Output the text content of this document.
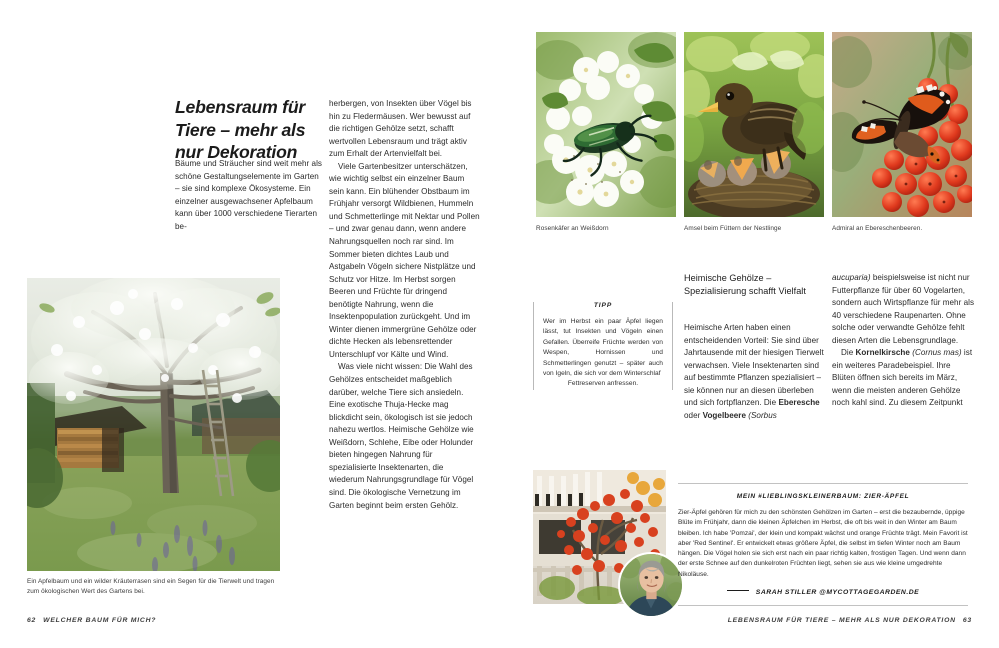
Lebensraum für Tiere – mehr als nur Dekoration

Bäume und Sträucher sind weit mehr als schöne Gestaltungselemente im Garten – sie sind komplexe Ökosysteme. Ein einzelner ausgewachsener Apfelbaum kann über 1000 verschiedene Tierarten be-

herbergen, von Insekten über Vögel bis hin zu Fledermäusen. Wer bewusst auf die richtigen Gehölze setzt, schafft wertvollen Lebensraum und trägt aktiv zum Erhalt der Artenvielfalt bei.

Viele Gartenbesitzer unterschätzen, wie wichtig selbst ein einzelner Baum sein kann. Ein blühender Obstbaum im Frühjahr versorgt Wildbienen, Hummeln und Schmetterlinge mit Nektar und Pollen – und zwar genau dann, wenn andere Nahrungsquellen noch rar sind. Im Sommer bieten dichtes Laub und Astgabeln Vögeln sichere Nistplätze und Schutz vor Hitze. Im Herbst sorgen Beeren und Früchte für dringend benötigte Nahrung, wenn die Insektenpopulation zurückgeht. Und im Winter dienen immergrüne Gehölze oder dichte Hecken als lebensrettender Unterschlupf vor Kälte und Wind.

Was viele nicht wissen: Die Wahl des Gehölzes entscheidet maßgeblich darüber, welche Tiere sich ansiedeln. Eine exotische Thuja-Hecke mag blickdicht sein, ökologisch ist sie jedoch nahezu wertlos. Heimische Gehölze wie Weißdorn, Schlehe, Eibe oder Holunder bieten hingegen Nahrung für spezialisierte Insektenarten, die wiederum Nahrungsgrundlage für Vögel sind. Die ökologische Vernetzung im Garten beginnt beim ersten Gehölz.

Ein Apfelbaum und ein wilder Kräuterrasen sind ein Segen für die Tierwelt und tragen zum ökologischen Wert des Gartens bei.
62 WELCHER BAUM FÜR MICH?
Rosenkäfer an Weißdorn	Amsel beim Füttern der Nestlinge	Admiral an Ebereschenbeeren.
TIPP
Wer im Herbst ein paar Äpfel liegen lässt, tut Insekten und Vögeln einen Gefallen. Überreife Früchte werden von Wespen, Hornissen und Schmetterlingen genutzt – später auch von Igeln, die sich vor dem Winterschlaf
Fettreserven anfressen.
Heimische Gehölze – Spezialisierung schafft Vielfalt

Heimische Arten haben einen entscheidenden Vorteil: Sie sind über Jahrtausende mit der hiesigen Tierwelt verwachsen. Viele Insektenarten sind auf bestimmte Pflanzen spezialisiert – sie können nur an diesen überleben und sich fortpflanzen. Die Eberesche oder Vogelbeere (Sorbus

aucuparia) beispielsweise ist nicht nur Futterpflanze für über 60 Vogelarten, sondern auch Wirtspflanze für mehr als 40 verschiedene Raupenarten. Ohne solche oder verwandte Gehölze fehlt diesen Arten die Lebensgrundlage.

Die Kornelkirsche (Cornus mas) ist ein weiteres Paradebeispiel. Ihre Blüten öffnen sich bereits im März, wenn die meisten anderen Gehölze noch kahl sind. Zu diesem Zeitpunkt

MEIN #LIEBLINGSKLEINERBAUM: ZIER-ÄPFEL
Zier-Äpfel gehören für mich zu den schönsten Gehölzen im Garten – erst die bezaubernde, üppige Blüte im Frühjahr, dann die kleinen Äpfelchen im Herbst, die oft bis weit in den Winter am Baum bleiben. Ich habe 'Pomzai', der klein und kompakt wächst und orange Früchte trägt. Mein Favorit ist aber 'Red Sentinel'. Er entwickelt etwas größere Äpfel, die selbst im tiefen Winter noch am Baum hängen. Die Vögel holen sie sich erst nach ein paar richtig kalten, frostigen Tagen. Und wenn dann der erste Schnee auf den dunkelroten Früchten liegt, sehen sie aus wie kleine umgedrehte Nikoläuse.
SARAH STILLER @MYCOTTAGEGARDEN.DE
LEBENSRAUM FÜR TIERE – MEHR ALS NUR DEKORATION 63
